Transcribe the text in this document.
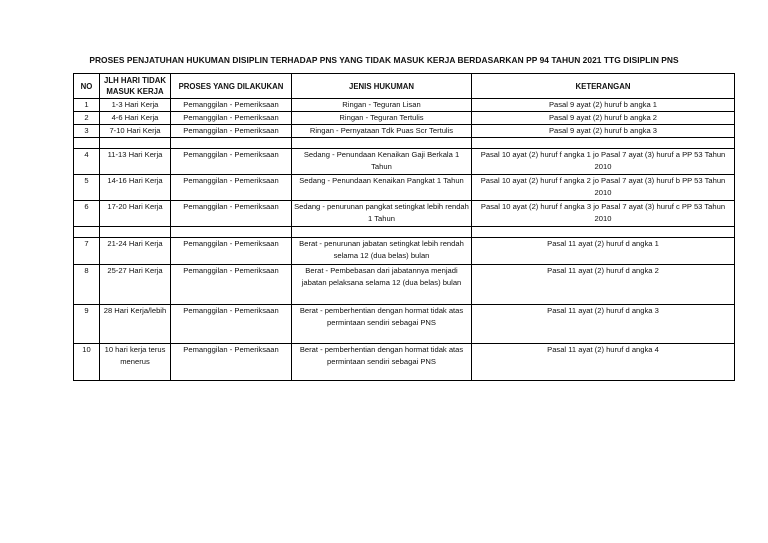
PROSES PENJATUHAN HUKUMAN DISIPLIN TERHADAP PNS YANG TIDAK MASUK KERJA BERDASARKAN PP 94 TAHUN 2021 TTG DISIPLIN PNS
NO	JLH HARI TIDAK MASUK KERJA	PROSES YANG DILAKUKAN	JENIS HUKUMAN	KETERANGAN
1	1-3 Hari Kerja	Pemanggilan - Pemeriksaan	Ringan - Teguran Lisan	Pasal 9 ayat (2) huruf b angka 1
2	4-6 Hari Kerja	Pemanggilan - Pemeriksaan	Ringan - Teguran Tertulis	Pasal 9 ayat (2) huruf b angka 2
3	7-10 Hari Kerja	Pemanggilan - Pemeriksaan	Ringan - Pernyataan Tdk Puas Scr Tertulis	Pasal 9 ayat (2) huruf b angka 3

4	11-13 Hari Kerja	Pemanggilan - Pemeriksaan	Sedang - Penundaan Kenaikan Gaji Berkala 1 Tahun	Pasal 10 ayat (2) huruf f angka 1 jo Pasal 7 ayat (3) huruf a PP 53 Tahun 2010
5	14-16 Hari Kerja	Pemanggilan - Pemeriksaan	Sedang - Penundaan Kenaikan Pangkat 1 Tahun	Pasal 10 ayat (2) huruf f angka 2 jo Pasal 7 ayat (3) huruf b PP 53 Tahun 2010
6	17-20 Hari Kerja	Pemanggilan - Pemeriksaan	Sedang - penurunan pangkat setingkat lebih rendah 1 Tahun	Pasal 10 ayat (2) huruf f angka 3 jo Pasal 7 ayat (3) huruf c PP 53 Tahun 2010

7	21-24 Hari Kerja	Pemanggilan - Pemeriksaan	Berat - penurunan jabatan setingkat lebih rendah selama 12 (dua belas) bulan	Pasal 11 ayat (2) huruf d angka 1
8	25-27 Hari Kerja	Pemanggilan - Pemeriksaan	Berat - Pembebasan dari jabatannya menjadi jabatan pelaksana selama 12 (dua belas) bulan	Pasal 11 ayat (2) huruf d angka 2
9	28 Hari Kerja/lebih	Pemanggilan - Pemeriksaan	Berat - pemberhentian dengan hormat tidak atas permintaan sendiri sebagai PNS	Pasal 11 ayat (2) huruf d angka 3
10	10 hari kerja terus menerus	Pemanggilan - Pemeriksaan	Berat - pemberhentian dengan hormat tidak atas permintaan sendiri sebagai PNS	Pasal 11 ayat (2) huruf d angka 4
